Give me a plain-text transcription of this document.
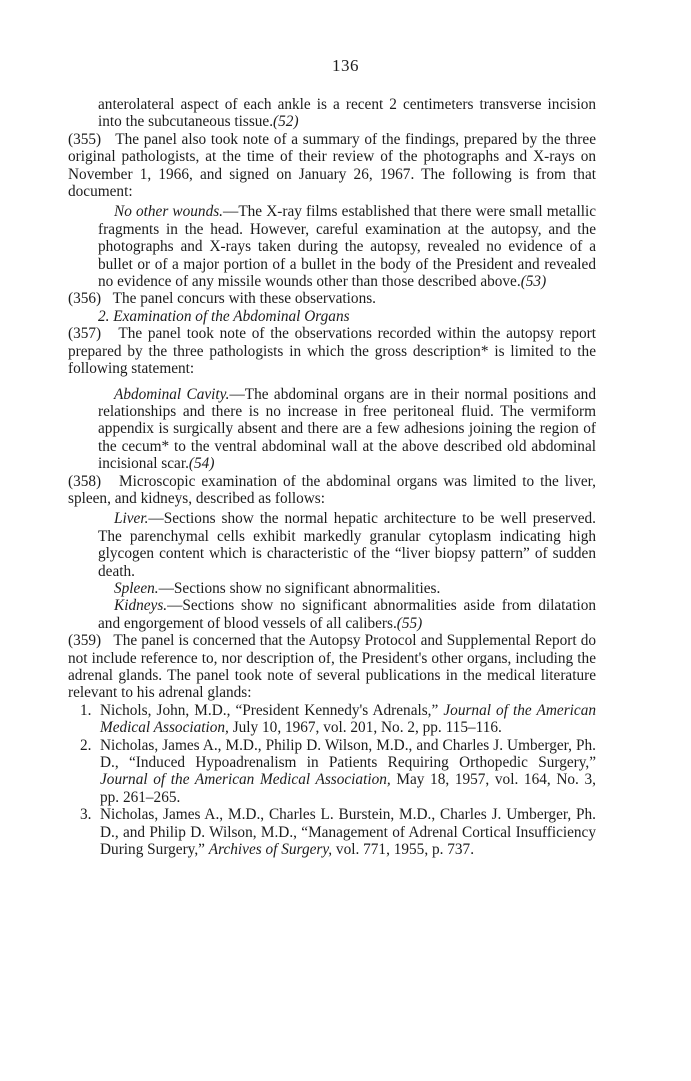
136

anterolateral aspect of each ankle is a recent 2 centimeters transverse incision into the subcutaneous tissue.(52)

(355) The panel also took note of a summary of the findings, prepared by the three original pathologists, at the time of their review of the photographs and X-rays on November 1, 1966, and signed on January 26, 1967. The following is from that document:

No other wounds.—The X-ray films established that there were small metallic fragments in the head. However, careful examination at the autopsy, and the photographs and X-rays taken during the autopsy, revealed no evidence of a bullet or of a major portion of a bullet in the body of the President and revealed no evidence of any missile wounds other than those described above.(53)

(356) The panel concurs with these observations.

2. Examination of the Abdominal Organs

(357) The panel took note of the observations recorded within the autopsy report prepared by the three pathologists in which the gross description* is limited to the following statement:

Abdominal Cavity.—The abdominal organs are in their normal positions and relationships and there is no increase in free peritoneal fluid. The vermiform appendix is surgically absent and there are a few adhesions joining the region of the cecum* to the ventral abdominal wall at the above described old abdominal incisional scar.(54)

(358) Microscopic examination of the abdominal organs was limited to the liver, spleen, and kidneys, described as follows:

Liver.—Sections show the normal hepatic architecture to be well preserved. The parenchymal cells exhibit markedly granular cytoplasm indicating high glycogen content which is characteristic of the “liver biopsy pattern” of sudden death.

Spleen.—Sections show no significant abnormalities.

Kidneys.—Sections show no significant abnormalities aside from dilatation and engorgement of blood vessels of all calibers.(55)

(359) The panel is concerned that the Autopsy Protocol and Supplemental Report do not include reference to, nor description of, the President's other organs, including the adrenal glands. The panel took note of several publications in the medical literature relevant to his adrenal glands:

1. Nichols, John, M.D., “President Kennedy's Adrenals,” Journal of the American Medical Association, July 10, 1967, vol. 201, No. 2, pp. 115–116.
2. Nicholas, James A., M.D., Philip D. Wilson, M.D., and Charles J. Umberger, Ph. D., “Induced Hypoadrenalism in Patients Requiring Orthopedic Surgery,” Journal of the American Medical Association, May 18, 1957, vol. 164, No. 3, pp. 261–265.
3. Nicholas, James A., M.D., Charles L. Burstein, M.D., Charles J. Umberger, Ph. D., and Philip D. Wilson, M.D., “Management of Adrenal Cortical Insufficiency During Surgery,” Archives of Surgery, vol. 771, 1955, p. 737.
